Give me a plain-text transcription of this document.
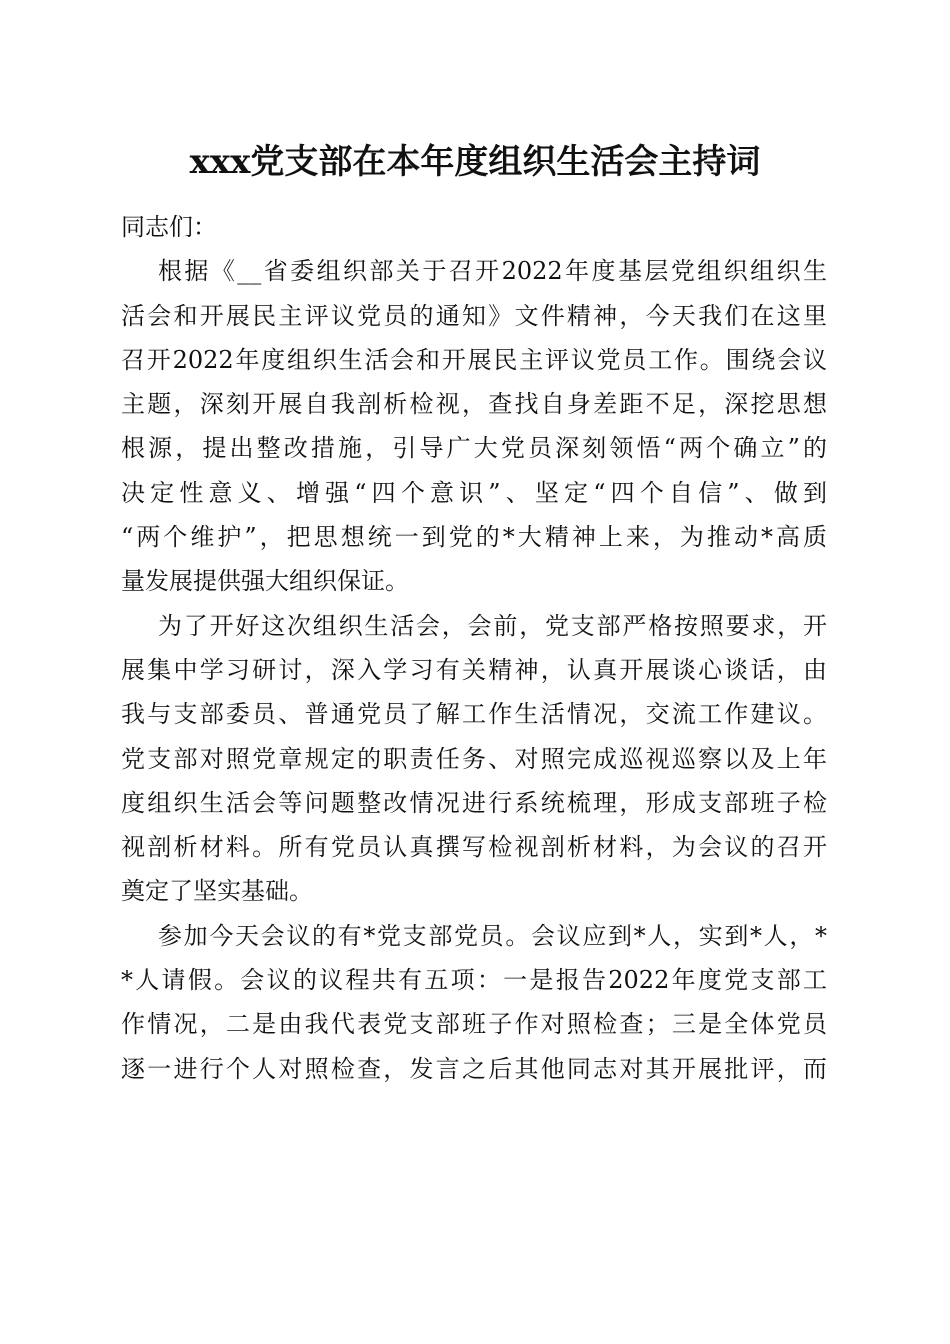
xxx党支部在本年度组织生活会主持词

同志们：

根据《__省委组织部关于召开2022年度基层党组织组织生
活会和开展民主评议党员的通知》文件精神，今天我们在这里
召开2022年度组织生活会和开展民主评议党员工作。围绕会议
主题，深刻开展自我剖析检视，查找自身差距不足，深挖思想
根源，提出整改措施，引导广大党员深刻领悟“两个确立”的
决定性意义、增强“四个意识”、坚定“四个自信”、做到
“两个维护”，把思想统一到党的*大精神上来，为推动*高质
量发展提供强大组织保证。

为了开好这次组织生活会，会前，党支部严格按照要求，开
展集中学习研讨，深入学习有关精神，认真开展谈心谈话，由
我与支部委员、普通党员了解工作生活情况，交流工作建议。
党支部对照党章规定的职责任务、对照完成巡视巡察以及上年
度组织生活会等问题整改情况进行系统梳理，形成支部班子检
视剖析材料。所有党员认真撰写检视剖析材料，为会议的召开
奠定了坚实基础。

参加今天会议的有*党支部党员。会议应到*人，实到*人，*
*人请假。会议的议程共有五项：一是报告2022年度党支部工
作情况，二是由我代表党支部班子作对照检查；三是全体党员
逐一进行个人对照检查，发言之后其他同志对其开展批评，而
